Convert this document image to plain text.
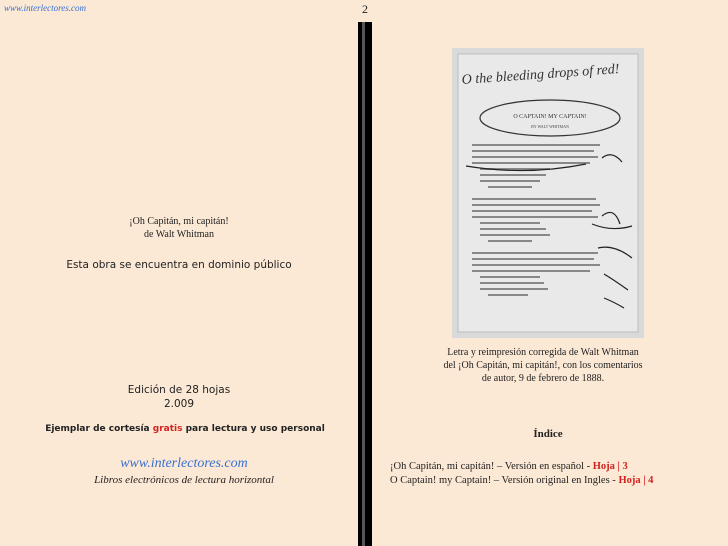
www.interlectores.com	2
¡Oh Capitán, mi capitán!
de Walt Whitman
Esta obra se encuentra en dominio público
Edición de 28 hojas
2.009
Ejemplar de cortesía gratis para lectura y uso personal
www.interlectores.com
Libros electrónicos de lectura horizontal
O the bleeding drops of red!
O CAPTAIN! MY CAPTAIN!
BY WALT WHITMAN
Letra y reimpresión corregida de Walt Whitman
del ¡Oh Capitán, mi capitán!, con los comentarios
de autor, 9 de febrero de 1888.
Índice
¡Oh Capitán, mi capitán! – Versión en español - Hoja | 3
O Captain! my Captain! – Versión original en Ingles - Hoja | 4
